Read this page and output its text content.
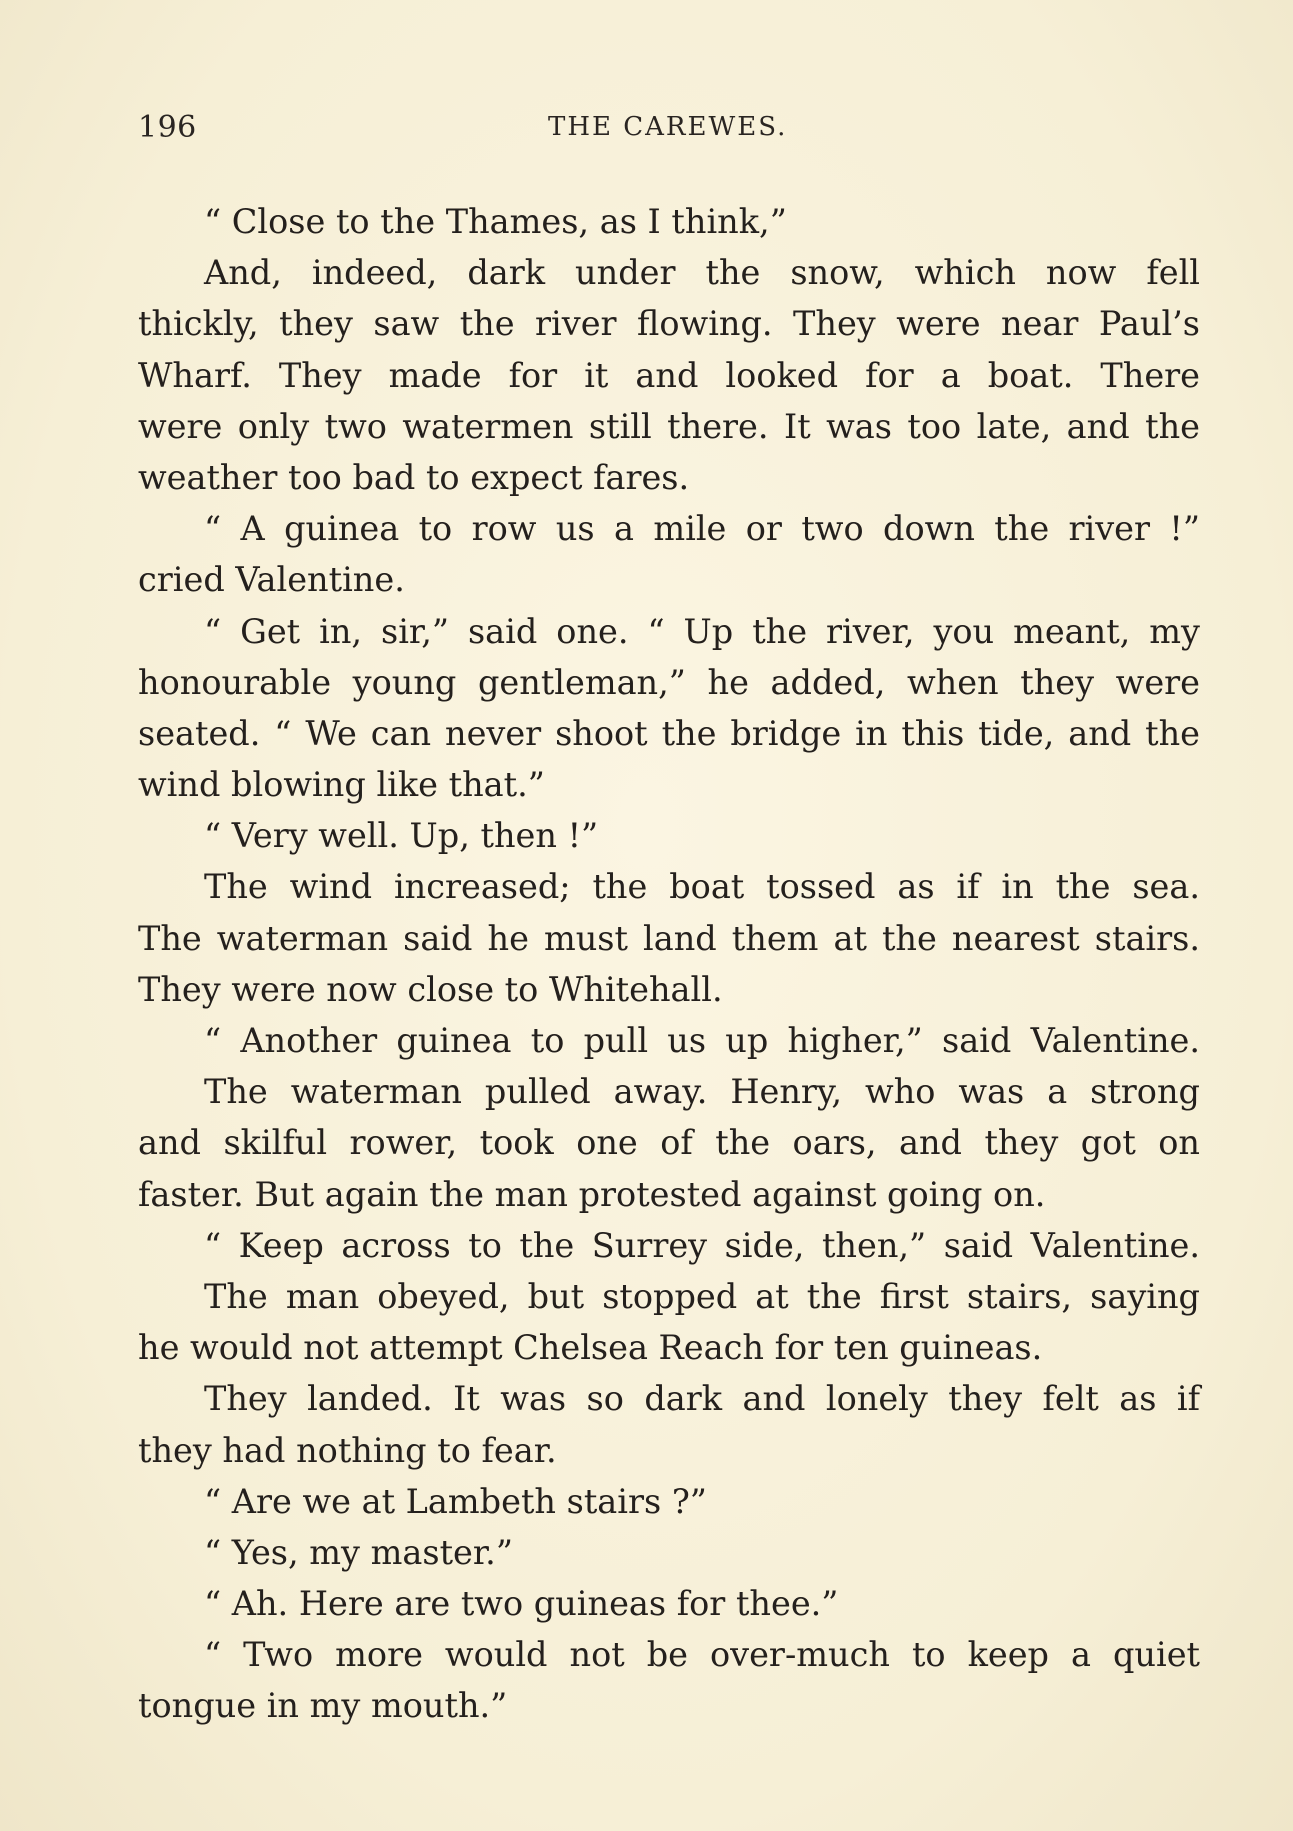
196	THE CAREWES.
“ Close to the Thames, as I think,”
And, indeed, dark under the snow, which now fell
thickly, they saw the river flowing. They were near Paul’s
Wharf. They made for it and looked for a boat. There
were only two watermen still there. It was too late, and the
weather too bad to expect fares.
“ A guinea to row us a mile or two down the river !”
cried Valentine.
“ Get in, sir,” said one. “ Up the river, you meant, my
honourable young gentleman,” he added, when they were
seated. “ We can never shoot the bridge in this tide, and the
wind blowing like that.”
“ Very well. Up, then !”
The wind increased; the boat tossed as if in the sea.
The waterman said he must land them at the nearest stairs.
They were now close to Whitehall.
“ Another guinea to pull us up higher,” said Valentine.
The waterman pulled away. Henry, who was a strong
and skilful rower, took one of the oars, and they got on
faster. But again the man protested against going on.
“ Keep across to the Surrey side, then,” said Valentine.
The man obeyed, but stopped at the first stairs, saying
he would not attempt Chelsea Reach for ten guineas.
They landed. It was so dark and lonely they felt as if
they had nothing to fear.
“ Are we at Lambeth stairs ?”
“ Yes, my master.”
“ Ah. Here are two guineas for thee.”
“ Two more would not be over-much to keep a quiet
tongue in my mouth.”
